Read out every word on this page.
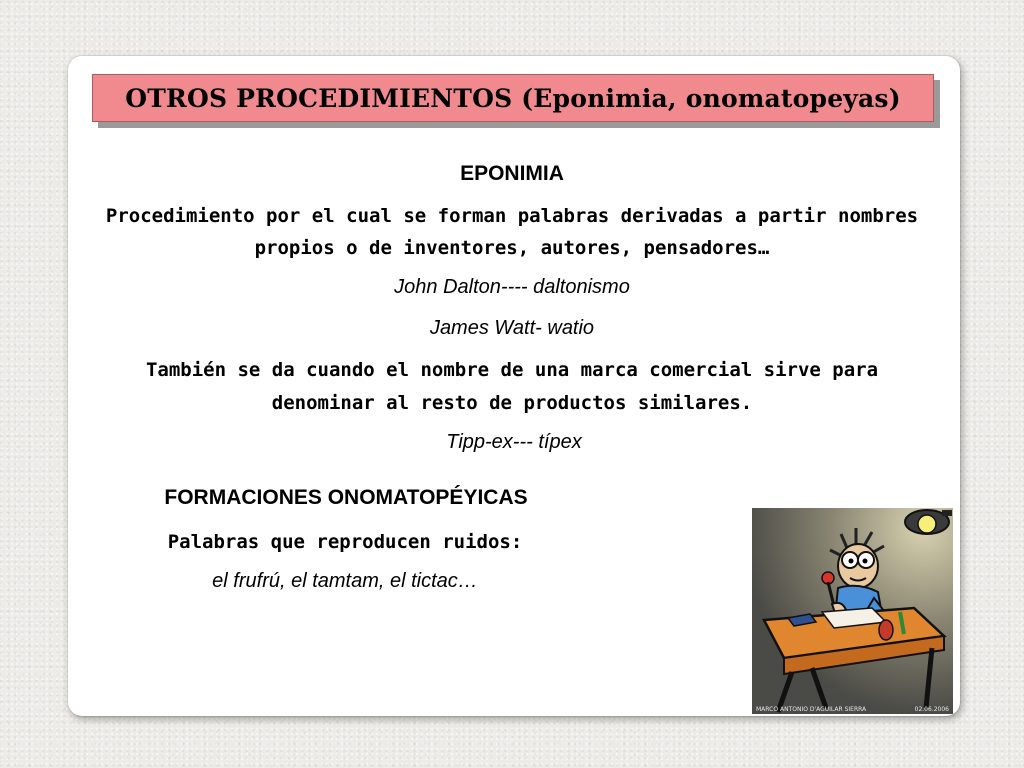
OTROS PROCEDIMIENTOS (Eponimia, onomatopeyas)
EPONIMIA
Procedimiento por el cual se forman palabras derivadas a partir nombres
propios o de inventores, autores, pensadores…
John Dalton---- daltonismo
James Watt- watio
También se da cuando el nombre de una marca comercial sirve para
denominar al resto de productos similares.
Tipp-ex--- típex
FORMACIONES ONOMATOPÉYICAS
Palabras que reproducen ruidos:
el frufrú, el tamtam, el tictac…
MARCO ANTONIO D'AGUILAR SIERRA	02.06.2006
